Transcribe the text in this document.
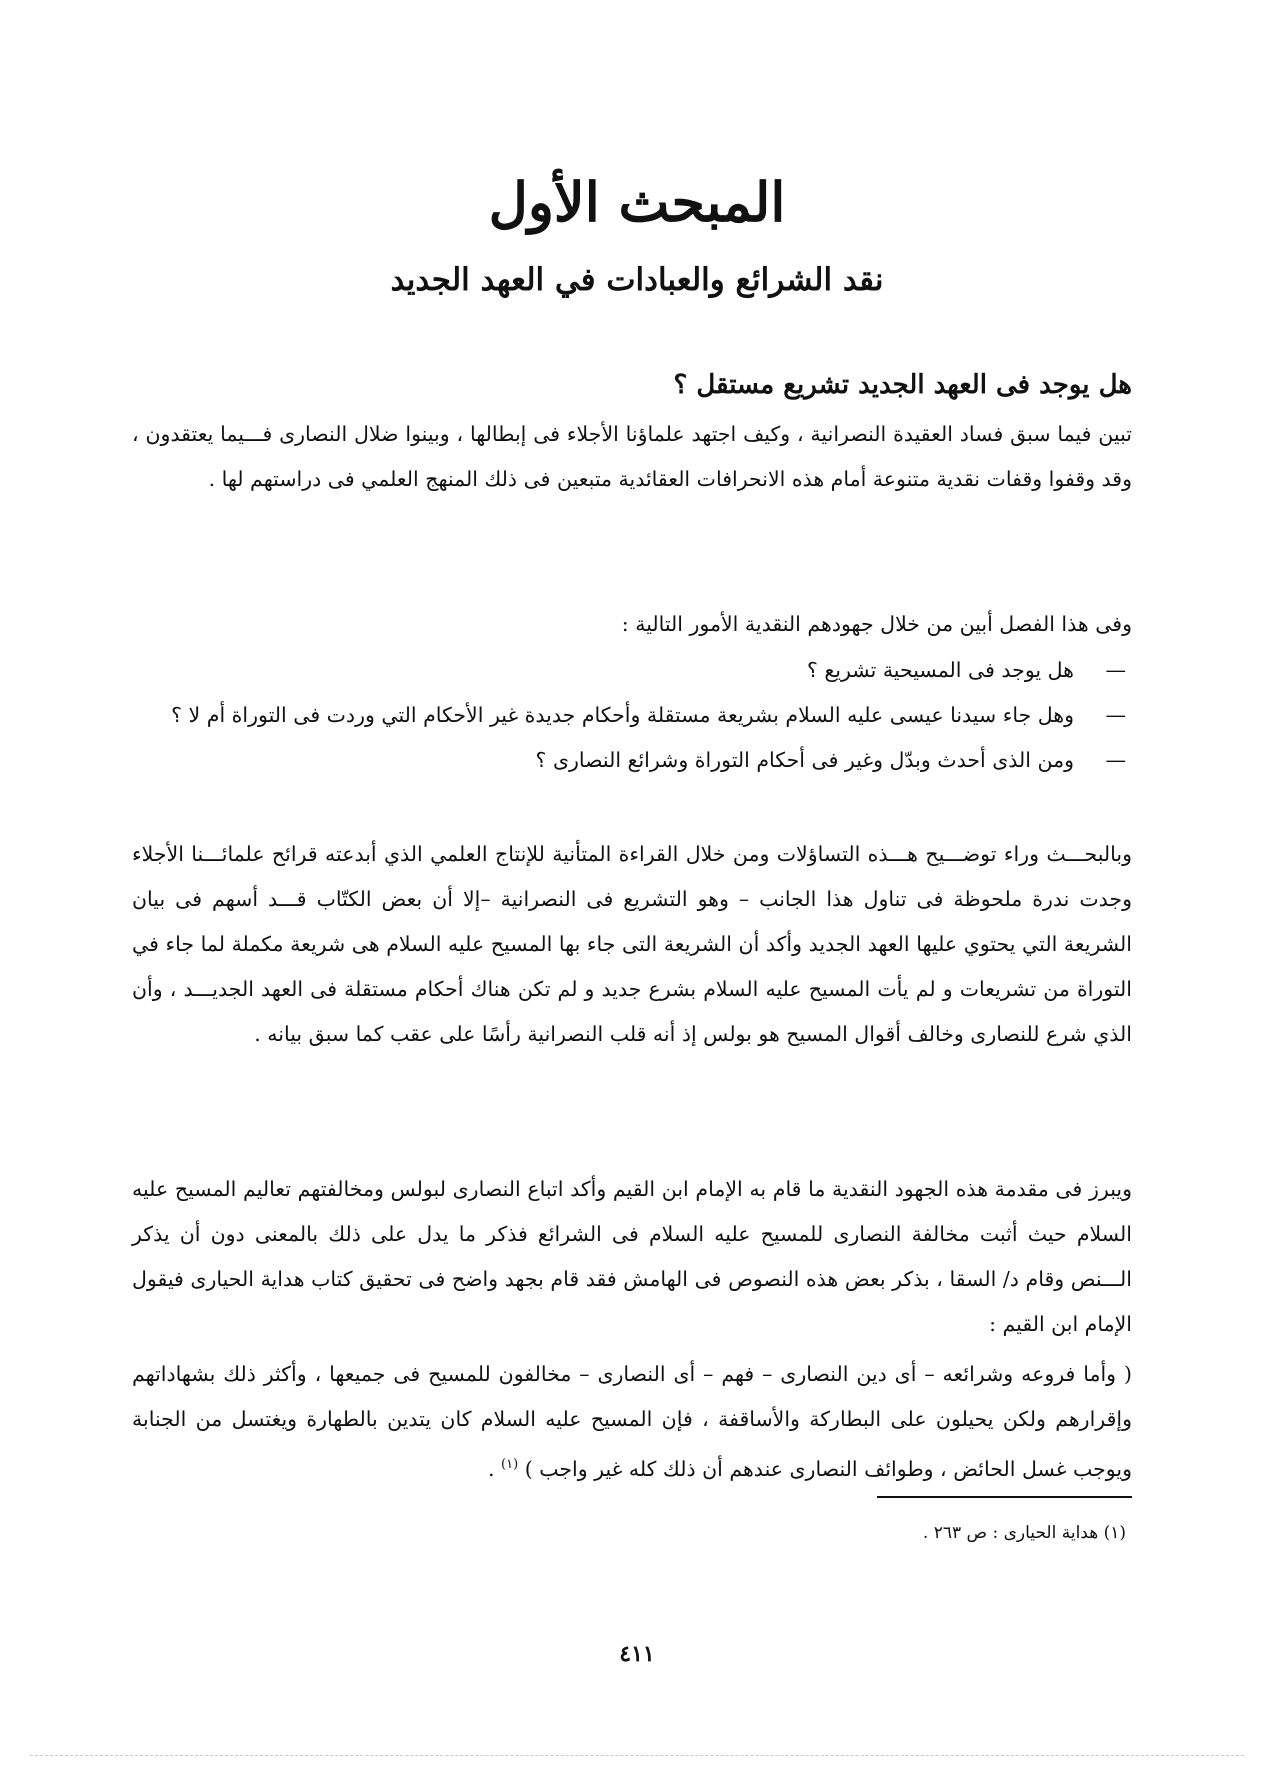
المبحث الأول
نقد الشرائع والعبادات في العهد الجديد
هل يوجد فى العهد الجديد تشريع مستقل ؟
تبين فيما سبق فساد العقيدة النصرانية ، وكيف اجتهد علماؤنا الأجلاء فى إبطالها ، وبينوا ضلال النصارى فـــيما يعتقدون ، وقد وقفوا وقفات نقدية متنوعة أمام هذه الانحرافات العقائدية متبعين فى ذلك المنهج العلمي فى دراستهم لها .
وفى هذا الفصل أبين من خلال جهودهم النقدية الأمور التالية :
—هل يوجد فى المسيحية تشريع ؟
—وهل جاء سيدنا عيسى عليه السلام بشريعة مستقلة وأحكام جديدة غير الأحكام التي وردت فى التوراة أم لا ؟
—ومن الذى أحدث وبدّل وغير فى أحكام التوراة وشرائع النصارى ؟
وبالبحـــث وراء توضـــيح هـــذه التساؤلات ومن خلال القراءة المتأنية للإنتاج العلمي الذي أبدعته قرائح علمائـــنا الأجلاء وجدت ندرة ملحوظة فى تناول هذا الجانب – وهو التشريع فى النصرانية –إلا أن بعض الكتّاب قـــد أسهم فى بيان الشريعة التي يحتوي عليها العهد الجديد وأكد أن الشريعة التى جاء بها المسيح عليه السلام هى شريعة مكملة لما جاء في التوراة من تشريعات و لم يأت المسيح عليه السلام بشرع جديد و لم تكن هناك أحكام مستقلة فى العهد الجديـــد ، وأن الذي شرع للنصارى وخالف أقوال المسيح هو بولس إذ أنه قلب النصرانية رأسًا على عقب كما سبق بيانه .
ويبرز فى مقدمة هذه الجهود النقدية ما قام به الإمام ابن القيم وأكد اتباع النصارى لبولس ومخالفتهم تعاليم المسيح عليه السلام حيث أثبت مخالفة النصارى للمسيح عليه السلام فى الشرائع فذكر ما يدل على ذلك بالمعنى دون أن يذكر الـــنص وقام د/ السقا ، بذكر بعض هذه النصوص فى الهامش فقد قام بجهد واضح فى تحقيق كتاب هداية الحيارى فيقول الإمام ابن القيم :
( وأما فروعه وشرائعه – أى دين النصارى – فهم – أى النصارى – مخالفون للمسيح فى جميعها ، وأكثر ذلك بشهاداتهم وإقرارهم ولكن يحيلون على البطاركة والأساقفة ، فإن المسيح عليه السلام كان يتدين بالطهارة ويغتسل من الجنابة ويوجب غسل الحائض ، وطوائف النصارى عندهم أن ذلك كله غير واجب ) $^{(١)}$ .
(١) هداية الحيارى : ص ٢٦٣ .
٤١١
